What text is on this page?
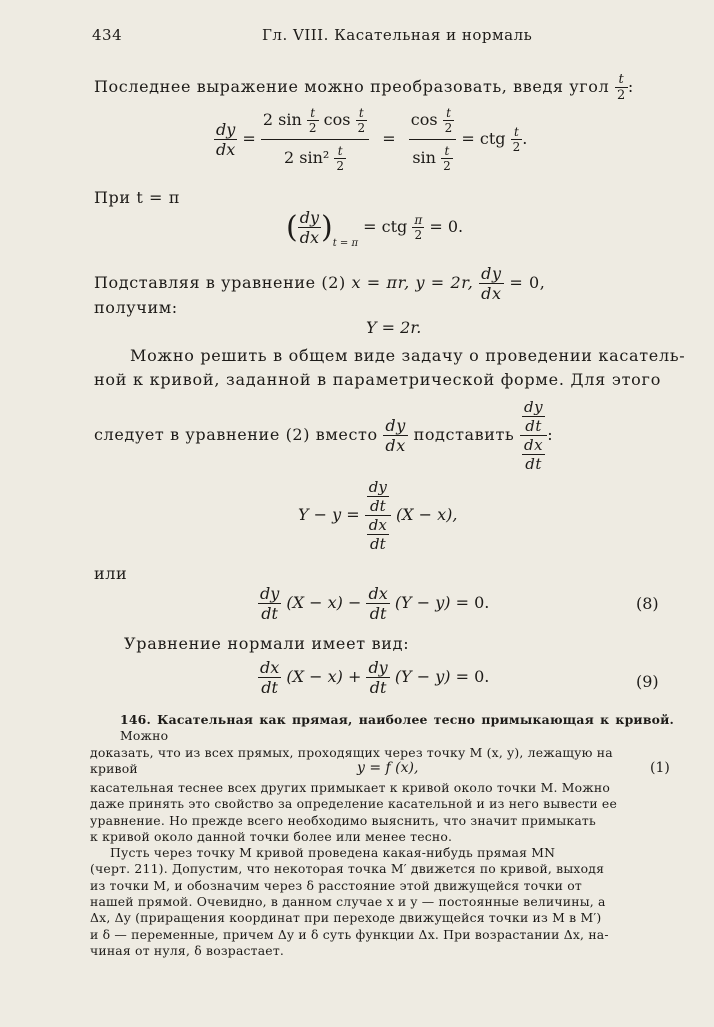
434	Гл. VIII. Касательная и нормаль
Последнее выражение можно преобразовать, введя угол $\frac{t}{2}$ :
$\frac{dy}{dx} = \frac{2 \sin \frac{t}{2} \cos \frac{t}{2}}{2 \sin^2 \frac{t}{2}} = \frac{\cos \frac{t}{2}}{\sin \frac{t}{2}}$ = ctg $\frac{t}{2}$ .
При t = π
( $\frac{dy}{dx} )_{t = \pi}$ = ctg $\frac{\pi}{2} = 0$.
Подставляя в уравнение (2) x = πr, y = 2r, $\frac{dy}{dx} = 0$,
получим:
Y = 2r.
Можно решить в общем виде задачу о проведении касатель-
ной к кривой, заданной в параметрической форме. Для этого
следует в уравнение (2) вместо $\frac{dy}{dx}$ подставить $\frac{dy}{dt}$
$\frac{dx}{dt}$
:
$Y - y = \frac{dy}{dt}$
$\frac{dx}{dt}$
(X − x),
или
$\frac{dy}{dt} (X - x) - \frac{dx}{dt} (Y - y) = 0$.	(8)
Уравнение нормали имеет вид:
$\frac{dx}{dt} (X - x) + \frac{dy}{dt} (Y - y) = 0$.	(9)
146. Касательная как прямая, наиболее тесно примыкающая к кривой. Можно
доказать, что из всех прямых, проходящих через точку M (x, y), лежащую на
кривой	y = f (x),	(1)
касательная теснее всех других примыкает к кривой около точки M. Можно
даже принять это свойство за определение касательной и из него вывести ее
уравнение. Но прежде всего необходимо выяснить, что значит примыкать
к кривой около данной точки более или менее тесно.
Пусть через точку M кривой проведена какая-нибудь прямая MN
(черт. 211). Допустим, что некоторая точка M′ движется по кривой, выходя
из точки M, и обозначим через δ расстояние этой движущейся точки от
нашей прямой. Очевидно, в данном случае x и y — постоянные величины, а
Δx, Δy (приращения координат при переходе движущейся точки из M в M′)
и δ — переменные, причем Δy и δ суть функции Δx. При возрастании Δx, на-
чиная от нуля, δ возрастает.
